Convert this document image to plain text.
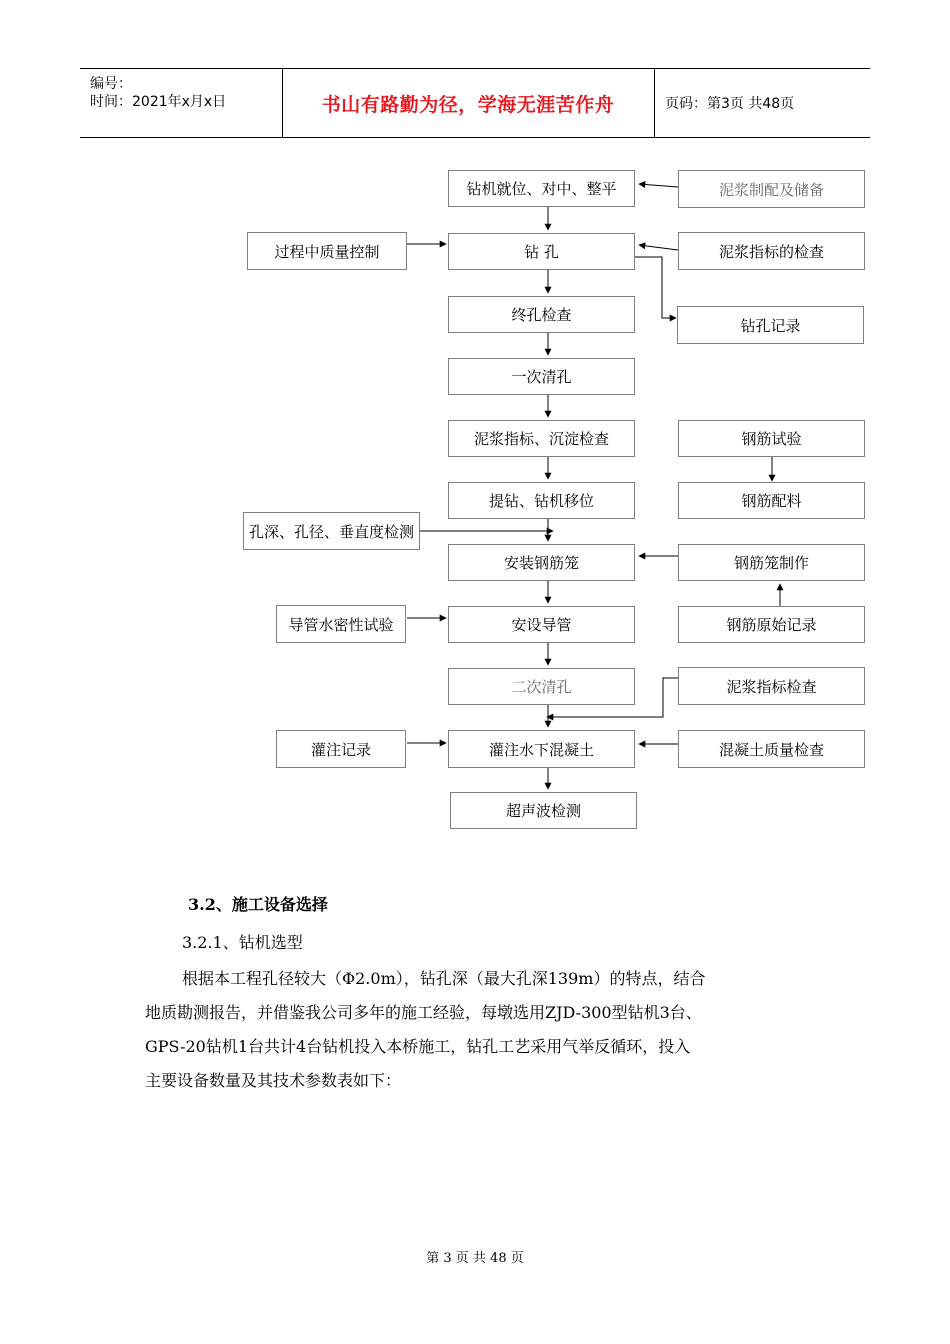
编号：
时间：2021年x月x日	书山有路勤为径，学海无涯苦作舟	页码：第3页 共48页
钻机就位、对中、整平
钻 孔
终孔检查
一次清孔
泥浆指标、沉淀检查
提钻、钻机移位
安装钢筋笼
安设导管
二次清孔
灌注水下混凝土
超声波检测
泥浆制配及储备
泥浆指标的检查
钻孔记录
钢筋试验
钢筋配料
钢筋笼制作
钢筋原始记录
泥浆指标检查
混凝土质量检查
过程中质量控制
孔深、孔径、垂直度检测
导管水密性试验
灌注记录
3.2、施工设备选择
3.2.1、钻机选型
根据本工程孔径较大（Φ2.0m），钻孔深（最大孔深139m）的特点，结合
地质勘测报告，并借鉴我公司多年的施工经验，每墩选用ZJD-300型钻机3台、
GPS-20钻机1台共计4台钻机投入本桥施工，钻孔工艺采用气举反循环，投入
主要设备数量及其技术参数表如下：
第 3 页 共 48 页
